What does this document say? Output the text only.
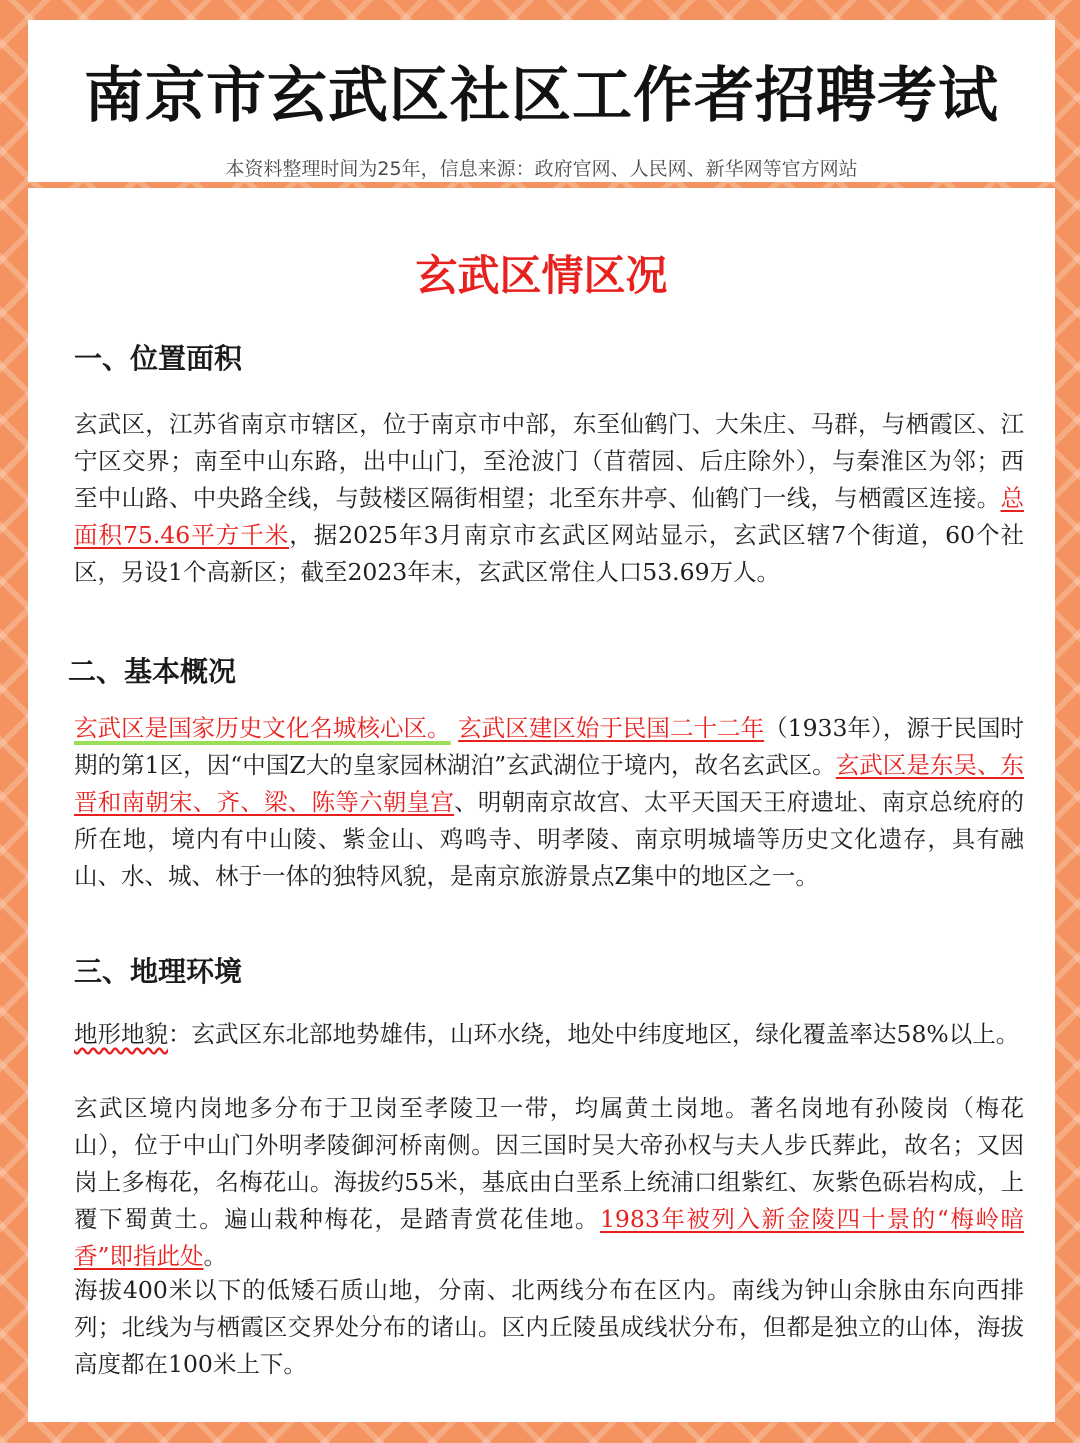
南京市玄武区社区工作者招聘考试
本资料整理时间为25年，信息来源：政府官网、人民网、新华网等官方网站
玄武区情区况
一、位置面积

玄武区，江苏省南京市辖区，位于南京市中部，东至仙鹤门、大朱庄、马群，与栖霞区、江宁区交界；南至中山东路，出中山门，至沧波门（苜蓿园、后庄除外），与秦淮区为邻；西至中山路、中央路全线，与鼓楼区隔街相望；北至东井亭、仙鹤门一线，与栖霞区连接。总面积75.46平方千米，据2025年3月南京市玄武区网站显示，玄武区辖7个街道，60个社区，另设1个高新区；截至2023年末，玄武区常住人口53.69万人。

二、基本概况

玄武区是国家历史文化名城核心区。 玄武区建区始于民国二十二年（1933年），源于民国时期的第1区，因“中国Z大的皇家园林湖泊”玄武湖位于境内，故名玄武区。玄武区是东吴、东晋和南朝宋、齐、梁、陈等六朝皇宫、明朝南京故宫、太平天国天王府遗址、南京总统府的所在地，境内有中山陵、紫金山、鸡鸣寺、明孝陵、南京明城墙等历史文化遗存，具有融山、水、城、林于一体的独特风貌，是南京旅游景点Z集中的地区之一。

三、地理环境

地形地貌：玄武区东北部地势雄伟，山环水绕，地处中纬度地区，绿化覆盖率达58%以上。

玄武区境内岗地多分布于卫岗至孝陵卫一带，均属黄土岗地。著名岗地有孙陵岗（梅花山），位于中山门外明孝陵御河桥南侧。因三国时吴大帝孙权与夫人步氏葬此，故名；又因岗上多梅花，名梅花山。海拔约55米，基底由白垩系上统浦口组紫红、灰紫色砾岩构成，上覆下蜀黄土。遍山栽种梅花，是踏青赏花佳地。1983年被列入新金陵四十景的“梅岭暗香”即指此处。

海拔400米以下的低矮石质山地，分南、北两线分布在区内。南线为钟山余脉由东向西排列；北线为与栖霞区交界处分布的诸山。区内丘陵虽成线状分布，但都是独立的山体，海拔高度都在100米上下。
